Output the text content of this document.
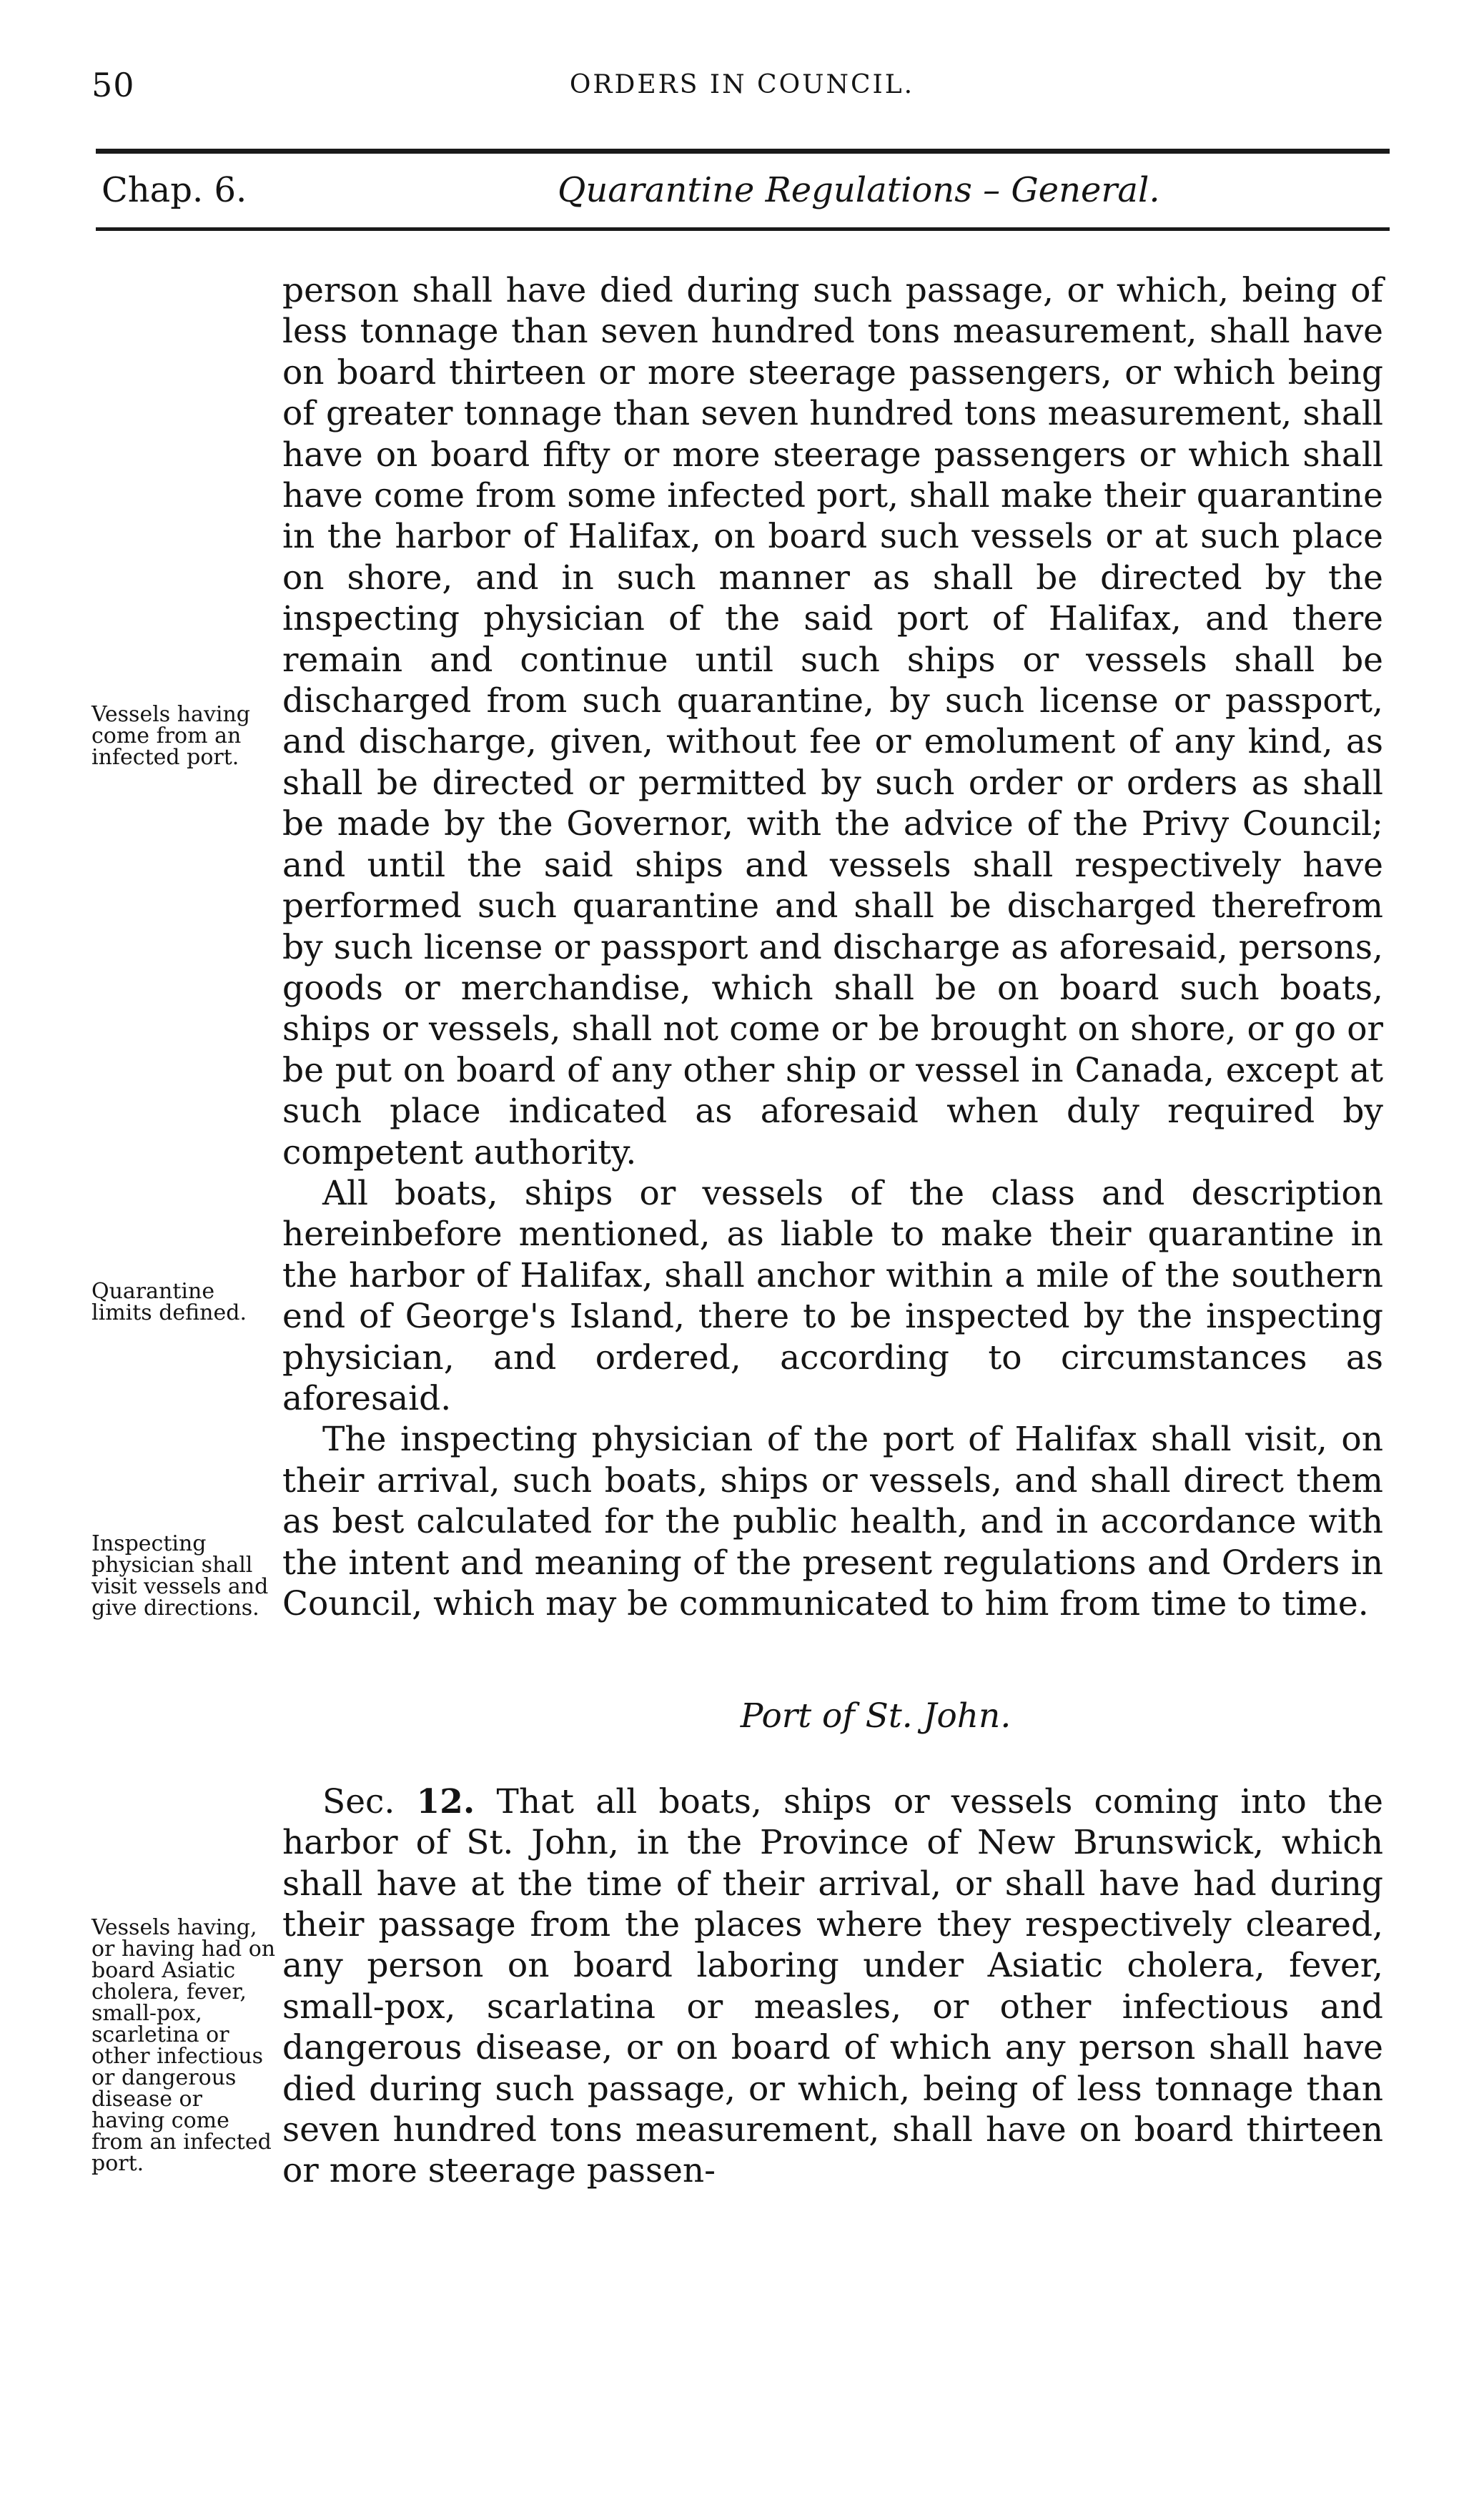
50	ORDERS IN COUNCIL.
Chap. 6.	Quarantine Regulations – General.
Vessels having come from an infected port.
Quarantine limits defined.
Inspecting physician shall visit vessels and give directions.
Vessels having, or having had on board Asiatic cholera, fever, small-pox, scarletina or other infectious or dangerous disease or having come from an infected port.

person shall have died during such passage, or which, being of less tonnage than seven hundred tons measurement, shall have on board thirteen or more steerage passengers, or which being of greater tonnage than seven hundred tons measurement, shall have on board fifty or more steerage passengers or which shall have come from some infected port, shall make their quarantine in the harbor of Halifax, on board such vessels or at such place on shore, and in such manner as shall be directed by the inspecting physician of the said port of Halifax, and there remain and continue until such ships or vessels shall be discharged from such quarantine, by such license or passport, and discharge, given, without fee or emolument of any kind, as shall be directed or permitted by such order or orders as shall be made by the Governor, with the advice of the Privy Council; and until the said ships and vessels shall respectively have performed such quarantine and shall be discharged therefrom by such license or passport and discharge as aforesaid, persons, goods or merchandise, which shall be on board such boats, ships or vessels, shall not come or be brought on shore, or go or be put on board of any other ship or vessel in Canada, except at such place indicated as aforesaid when duly required by competent authority.

All boats, ships or vessels of the class and description hereinbefore mentioned, as liable to make their quarantine in the harbor of Halifax, shall anchor within a mile of the southern end of George's Island, there to be inspected by the inspecting physician, and ordered, according to circumstances as aforesaid.

The inspecting physician of the port of Halifax shall visit, on their arrival, such boats, ships or vessels, and shall direct them as best calculated for the public health, and in accordance with the intent and meaning of the present regulations and Orders in Council, which may be communicated to him from time to time.

Port of St. John.

Sec. 12. That all boats, ships or vessels coming into the harbor of St. John, in the Province of New Brunswick, which shall have at the time of their arrival, or shall have had during their passage from the places where they respectively cleared, any person on board laboring under Asiatic cholera, fever, small-pox, scarlatina or measles, or other infectious and dangerous disease, or on board of which any person shall have died during such passage, or which, being of less tonnage than seven hundred tons measurement, shall have on board thirteen or more steerage passen-
